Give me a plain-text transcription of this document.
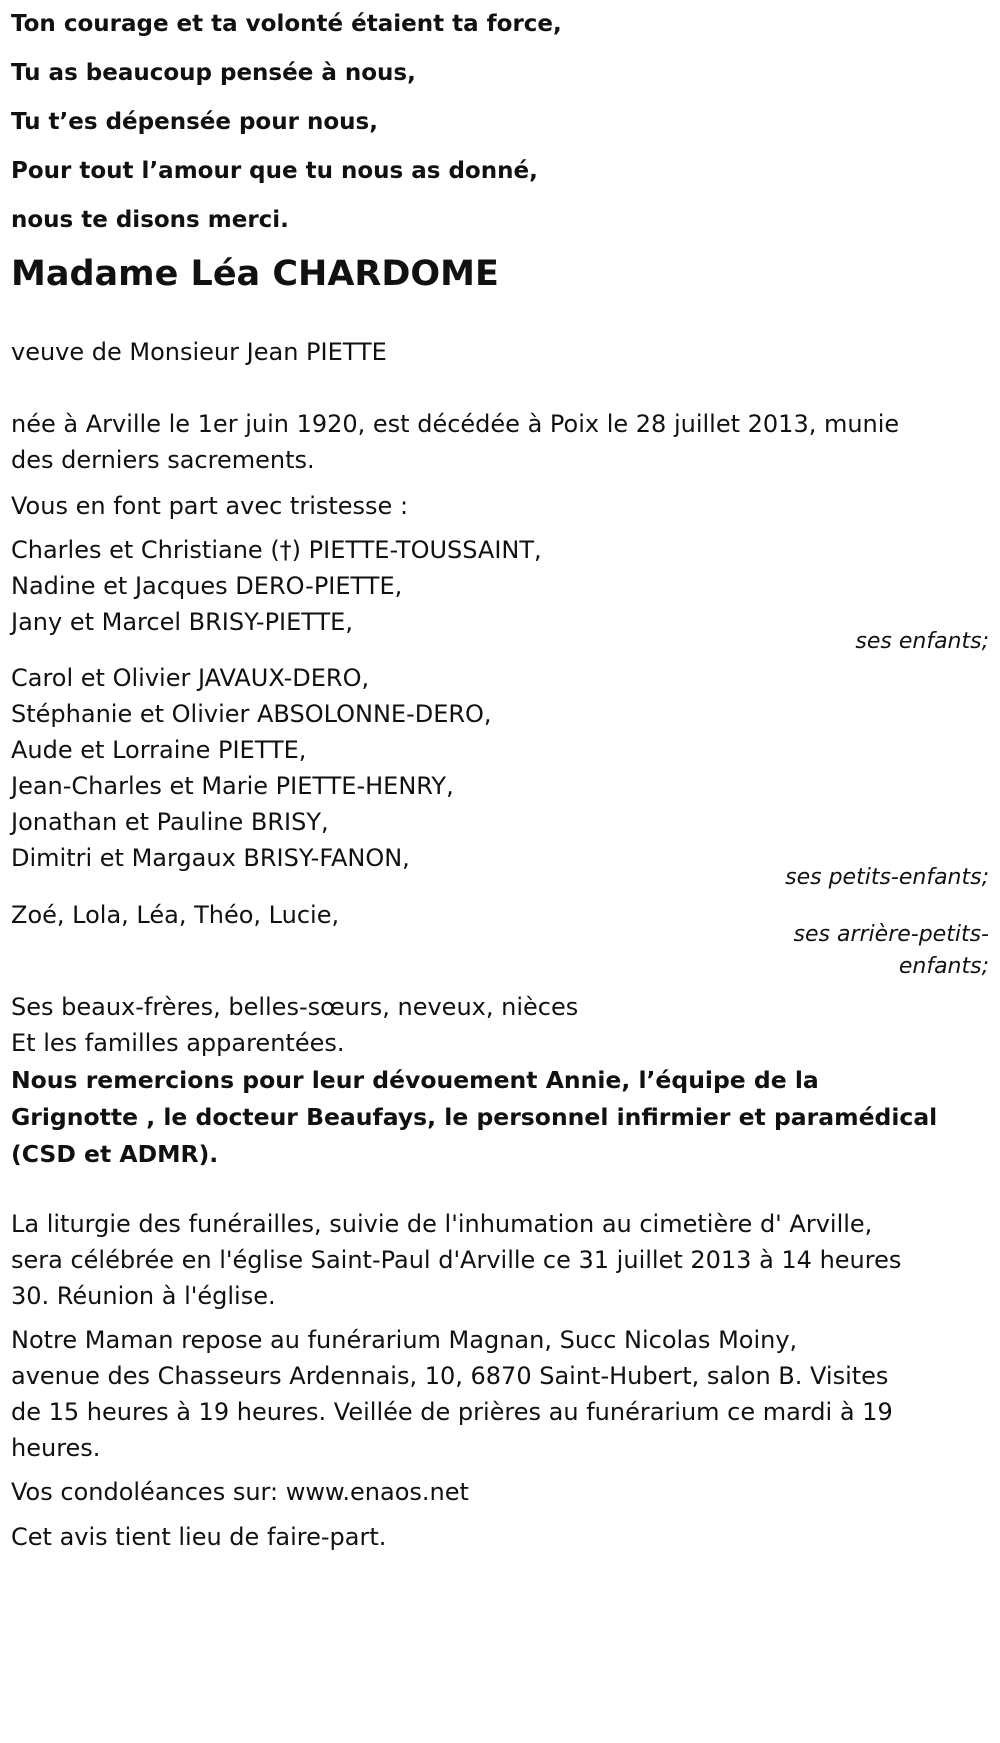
Ton courage et ta volonté étaient ta force,
Tu as beaucoup pensée à nous,
Tu t’es dépensée pour nous,
Pour tout l’amour que tu nous as donné,
nous te disons merci.
Madame Léa CHARDOME
veuve de Monsieur Jean PIETTE
née à Arville le 1er juin 1920, est décédée à Poix le 28 juillet 2013, munie
des derniers sacrements.
Vous en font part avec tristesse :
Charles et Christiane (†) PIETTE-TOUSSAINT,
Nadine et Jacques DERO-PIETTE,
Jany et Marcel BRISY-PIETTE,
ses enfants;
Carol et Olivier JAVAUX-DERO,
Stéphanie et Olivier ABSOLONNE-DERO,
Aude et Lorraine PIETTE,
Jean-Charles et Marie PIETTE-HENRY,
Jonathan et Pauline BRISY,
Dimitri et Margaux BRISY-FANON,
ses petits-enfants;
Zoé, Lola, Léa, Théo, Lucie,
ses arrière-petits-
enfants;
Ses beaux-frères, belles-sœurs, neveux, nièces
Et les familles apparentées.
Nous remercions pour leur dévouement Annie, l’équipe de la
Grignotte , le docteur Beaufays, le personnel infirmier et paramédical
(CSD et ADMR).
La liturgie des funérailles, suivie de l'inhumation au cimetière d' Arville,
sera célébrée en l'église Saint-Paul d'Arville ce 31 juillet 2013 à 14 heures
30. Réunion à l'église.
Notre Maman repose au funérarium Magnan, Succ Nicolas Moiny,
avenue des Chasseurs Ardennais, 10, 6870 Saint-Hubert, salon B. Visites
de 15 heures à 19 heures. Veillée de prières au funérarium ce mardi à 19
heures.
Vos condoléances sur: www.enaos.net
Cet avis tient lieu de faire-part.
